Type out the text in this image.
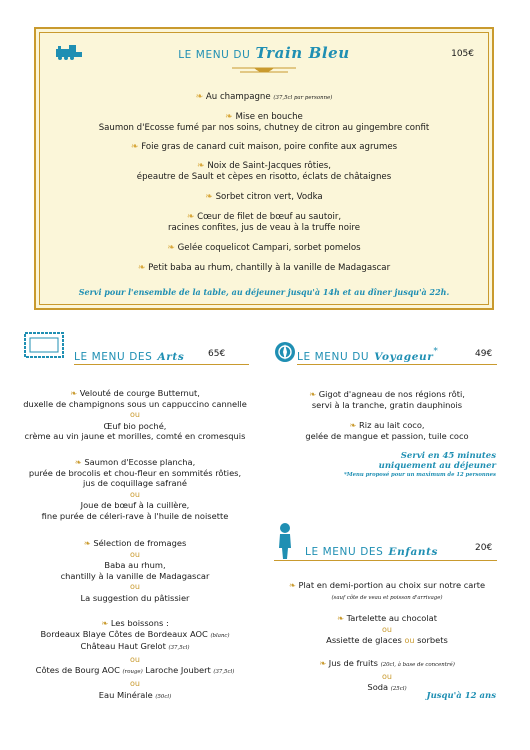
LE MENU DU Train Bleu	105€
❧ Au champagne (37,5cl par personne)
❧ Mise en bouche
Saumon d'Ecosse fumé par nos soins, chutney de citron au gingembre confit
❧ Foie gras de canard cuit maison, poire confite aux agrumes
❧ Noix de Saint-Jacques rôties,
épeautre de Sault et cèpes en risotto, éclats de châtaignes
❧ Sorbet citron vert, Vodka
❧ Cœur de filet de bœuf au sautoir,
racines confites, jus de veau à la truffe noire
❧ Gelée coquelicot Campari, sorbet pomelos
❧ Petit baba au rhum, chantilly à la vanille de Madagascar
Servi pour l'ensemble de la table, au déjeuner jusqu'à 14h et au dîner jusqu'à 22h.
LE MENU DES Arts	65€
❧ Velouté de courge Butternut,
duxelle de champignons sous un cappuccino cannelle
ou
Œuf bio poché,
crème au vin jaune et morilles, comté en cromesquis
❧ Saumon d'Ecosse plancha,
purée de brocolis et chou-fleur en sommités rôties,
jus de coquillage safrané
ou
Joue de bœuf à la cuillère,
fine purée de céleri-rave à l'huile de noisette
❧ Sélection de fromages
ou
Baba au rhum,
chantilly à la vanille de Madagascar
ou
La suggestion du pâtissier
❧ Les boissons :
Bordeaux Blaye Côtes de Bordeaux AOC (blanc)
Château Haut Grelot (37,5cl)
ou
Côtes de Bourg AOC (rouge) Laroche Joubert (37,5cl)
ou
Eau Minérale (50cl)
LE MENU DU Voyageur*	49€
❧ Gigot d'agneau de nos régions rôti,
servi à la tranche, gratin dauphinois
❧ Riz au lait coco,
gelée de mangue et passion, tuile coco
Servi en 45 minutes
uniquement au déjeuner
*Menu proposé pour un maximum de 12 personnes
LE MENU DES Enfants	20€
❧ Plat en demi-portion au choix sur notre carte
(sauf côte de veau et poisson d'arrivage)
❧ Tartelette au chocolat
ou
Assiette de glaces ou sorbets
❧ Jus de fruits (20cl, à base de concentré)
ou
Soda (25cl)
Jusqu'à 12 ans
